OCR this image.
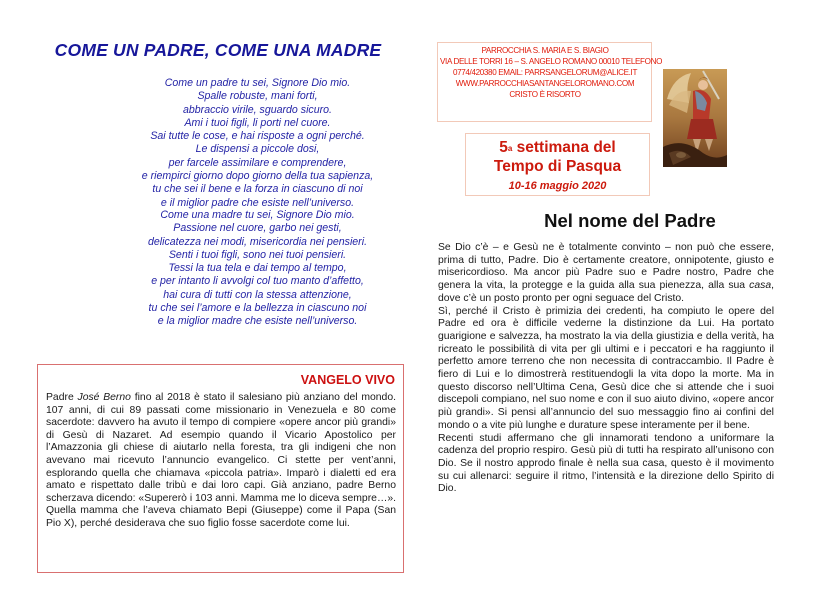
COME UN PADRE, COME UNA MADRE
Come un padre tu sei, Signore Dio mio.
Spalle robuste, mani forti,
abbraccio virile, sguardo sicuro.
Ami i tuoi figli, li porti nel cuore.
Sai tutte le cose, e hai risposte a ogni perché.
Le dispensi a piccole dosi,
per farcele assimilare e comprendere,
e riempirci giorno dopo giorno della tua sapienza,
tu che sei il bene e la forza in ciascuno di noi
e il miglior padre che esiste nell’universo.
Come una madre tu sei, Signore Dio mio.
Passione nel cuore, garbo nei gesti,
delicatezza nei modi, misericordia nei pensieri.
Senti i tuoi figli, sono nei tuoi pensieri.
Tessi la tua tela e dai tempo al tempo,
e per intanto li avvolgi col tuo manto d’affetto,
hai cura di tutti con la stessa attenzione,
tu che sei l’amore e la bellezza in ciascuno noi
e la miglior madre che esiste nell’universo.
VANGELO VIVO
Padre José Berno fino al 2018 è stato il salesiano più anziano del mondo. 107 anni, di cui 89 passati come missionario in Venezuela e 80 come sacerdote: davvero ha avuto il tempo di compiere «opere ancor più grandi» di Gesù di Nazaret. Ad esempio quando il Vicario Apostolico per l’Amazzonia gli chiese di aiutarlo nella foresta, tra gli indigeni che non avevano mai ricevuto l’annuncio evangelico. Ci stette per vent’anni, esplorando quella che chiamava «piccola patria». Imparò i dialetti ed era amato e rispettato dalle tribù e dai loro capi. Già anziano, padre Berno scherzava dicendo: «Supererò i 103 anni. Mamma me lo diceva sempre…». Quella mamma che l’aveva chiamato Bepi (Giuseppe) come il Papa (San Pio X), perché desiderava che suo figlio fosse sacerdote come lui.
PARROCCHIA S. MARIA E S. BIAGIO
VIA DELLE TORRI 16 – S. ANGELO ROMANO 00010 TELEFONO
0774/420380 EMAIL: PARRSANGELORUM@ALICE.IT
WWW.PARROCCHIASANTANGELOROMANO.COM
CRISTO È RISORTO
5$^a$ settimana del
Tempo di Pasqua
10-16 maggio 2020
Nel nome del Padre

Se Dio c’è – e Gesù ne è totalmente convinto – non può che essere, prima di tutto, Padre. Dio è certamente creatore, onnipotente, giusto e misericordioso. Ma ancor più Padre suo e Padre nostro, Padre che genera la vita, la protegge e la guida alla sua pienezza, alla sua casa, dove c’è un posto pronto per ogni seguace del Cristo.

Sì, perché il Cristo è primizia dei credenti, ha compiuto le opere del Padre ed ora è difficile vederne la distinzione da Lui. Ha portato guarigione e salvezza, ha mostrato la via della giustizia e della verità, ha ricreato le possibilità di vita per gli ultimi e i peccatori e ha raggiunto il perfetto amore terreno che non necessita di contraccambio. Il Padre è fiero di Lui e lo dimostrerà restituendogli la vita dopo la morte. Ma in questo discorso nell’Ultima Cena, Gesù dice che si attende che i suoi discepoli compiano, nel suo nome e con il suo aiuto divino, «opere ancor più grandi». Si pensi all’annuncio del suo messaggio fino ai confini del mondo o a vite più lunghe e durature spese interamente per il bene.

Recenti studi affermano che gli innamorati tendono a uniformare la cadenza del proprio respiro. Gesù più di tutti ha respirato all’unisono con Dio. Se il nostro approdo finale è nella sua casa, questo è il movimento su cui allenarci: seguire il ritmo, l’intensità e la direzione dello Spirito di Dio.
